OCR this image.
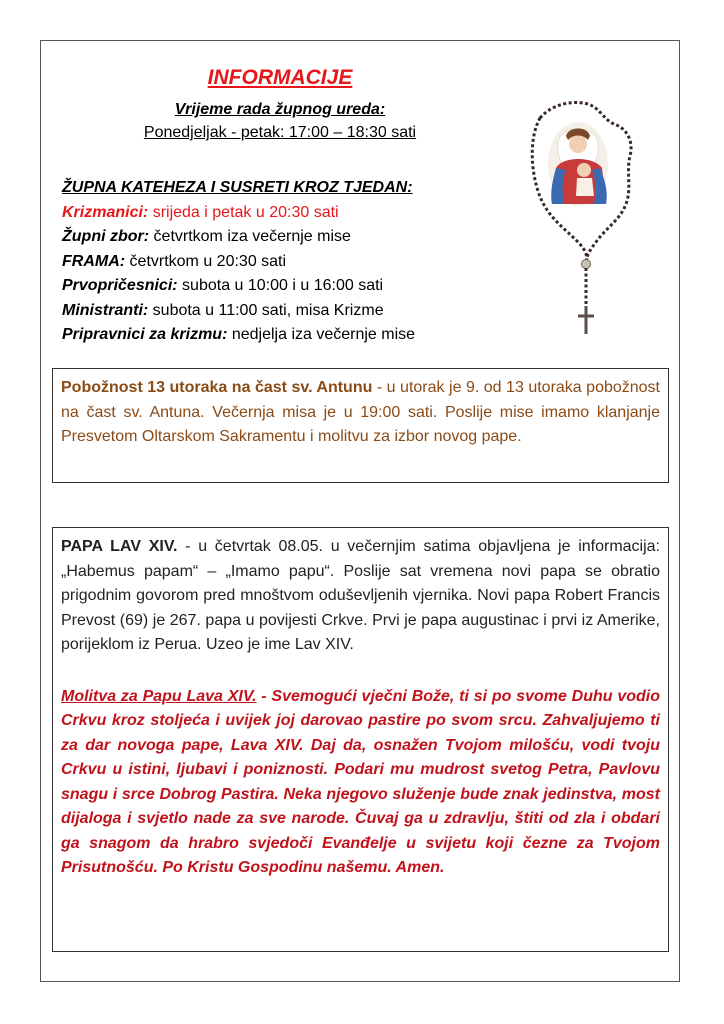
INFORMACIJE
Vrijeme rada župnog ureda:
Ponedjeljak - petak: 17:00 – 18:30 sati
ŽUPNA KATEHEZA I SUSRETI KROZ TJEDAN:
Krizmanici: srijeda i petak u 20:30 sati
Župni zbor: četvrtkom iza večernje mise
FRAMA: četvrtkom u 20:30 sati
Prvopričesnici: subota u 10:00 i u 16:00 sati
Ministranti: subota u 11:00 sati, misa Krizme
Pripravnici za krizmu: nedjelja iza večernje mise
Pobožnost 13 utoraka na čast sv. Antunu - u utorak je 9. od 13 utoraka pobožnost na čast sv. Antuna. Večernja misa je u 19:00 sati. Poslije mise imamo klanjanje Presvetom Oltarskom Sakramentu i molitvu za izbor novog pape.
PAPA LAV XIV. - u četvrtak 08.05. u večernjim satima objavljena je informacija: „Habemus papam“ – „Imamo papu“. Poslije sat vremena novi papa se obratio prigodnim govorom pred mnoštvom oduševljenih vjernika. Novi papa Robert Francis Prevost (69) je 267. papa u povijesti Crkve. Prvi je papa augustinac i prvi iz Amerike, porijeklom iz Perua. Uzeo je ime Lav XIV.
Molitva za Papu Lava XIV. - Svemogući vječni Bože, ti si po svome Duhu vodio Crkvu kroz stoljeća i uvijek joj darovao pastire po svom srcu. Zahvaljujemo ti za dar novoga pape, Lava XIV. Daj da, osnažen Tvojom milošću, vodi tvoju Crkvu u istini, ljubavi i poniznosti. Podari mu mudrost svetog Petra, Pavlovu snagu i srce Dobrog Pastira. Neka njegovo služenje bude znak jedinstva, most dijaloga i svjetlo nade za sve narode. Čuvaj ga u zdravlju, štiti od zla i obdari ga snagom da hrabro svjedoči Evanđelje u svijetu koji čezne za Tvojom Prisutnošću. Po Kristu Gospodinu našemu. Amen.
